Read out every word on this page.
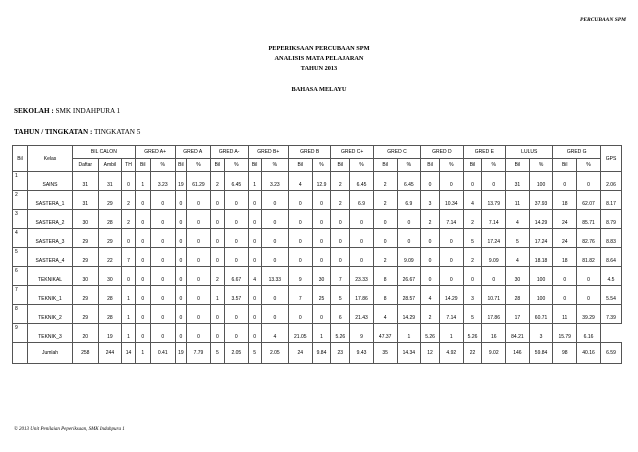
PERCUBAAN SPM
PEPERIKSAAN PERCUBAAN SPM
ANALISIS MATA PELAJARAN
TAHUN 2013
BAHASA MELAYU
SEKOLAH : SMK INDAHPURA 1
TAHUN / TINGKATAN : TINGKATAN 5
Bil	Kelas	BIL CALON			GRED A+		GRED A		GRED A-		GRED B+		GRED B		GRED C+		GRED C		GRED D		GRED E		LULUS		GRED G		GPS
		Daftar	Ambil	TH	Bil	%	Bil	%	Bil	%	Bil	%	Bil	%	Bil	%	Bil	%	Bil	%	Bil	%	Bil	%	Bil	%	
1	SAINS	31	31	0	1	3.23	19	61.29	2	6.45	1	3.23	4	12.9	2	6.45	2	6.45	0	0	0	0	31	100	0	0	2.06
2	SASTERA_1	31	29	2	0	0	0	0	0	0	0	0	0	0	2	6.9	2	6.9	3	10.34	4	13.79	11	37.93	18	62.07	8.17
3	SASTERA_2	30	28	2	0	0	0	0	0	0	0	0	0	0	0	0	0	0	2	7.14	2	7.14	4	14.29	24	85.71	8.79
4	SASTERA_3	29	29	0	0	0	0	0	0	0	0	0	0	0	0	0	0	0	0	0	5	17.24	5	17.24	24	82.76	8.83
5	SASTERA_4	29	22	7	0	0	0	0	0	0	0	0	0	0	0	0	2	9.09	0	0	2	9.09	4	18.18	18	81.82	8.64
6	TEKNIKAL	30	30	0	0	0	0	0	2	6.67	4	13.33	9	30	7	23.33	8	26.67	0	0	0	0	30	100	0	0	4.5
7	TEKNIK_1	29	28	1	0	0	0	0	1	3.57	0	0	7	25	5	17.86	8	28.57	4	14.29	3	10.71	28	100	0	0	5.54
8	TEKNIK_2	29	28	1	0	0	0	0	0	0	0	0	0	0	6	21.43	4	14.29	2	7.14	5	17.86	17	60.71	11	39.29	7.39
9	TEKNIK_3	20	19	1	0	0	0	0	0	0	0	4	21.05	1	5.26	9	47.37	1	5.26	1	5.26	16	84.21	3	15.79	6.16	
	Jumlah	258	244	14	1	0.41	19	7.79	5	2.05	5	2.05	24	9.84	23	9.43	35	14.34	12	4.92	22	9.02	146	59.84	98	40.16	6.59
© 2013 Unit Penilaian Peperiksaan, SMK Indahpura 1
